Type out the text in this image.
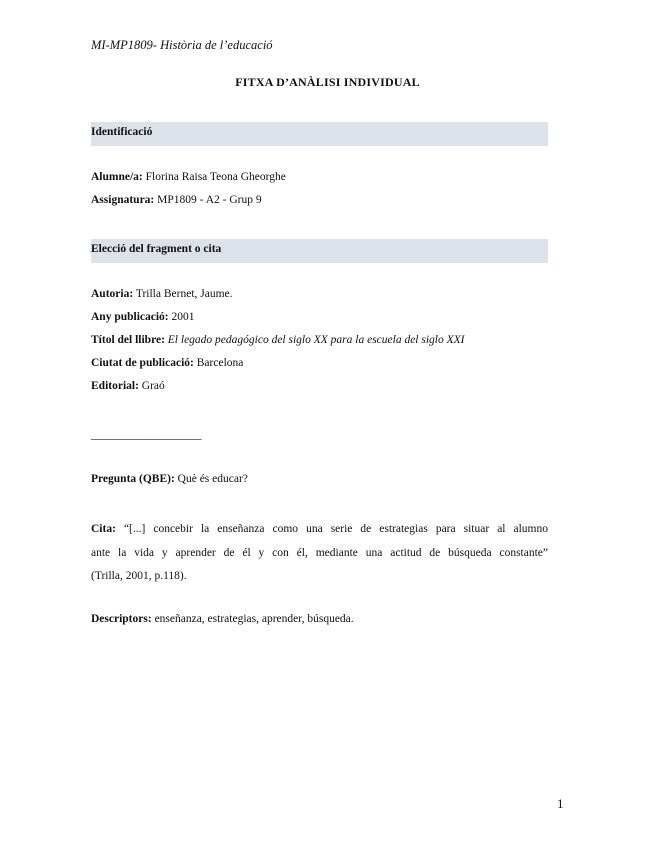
MI-MP1809- Història de l’educació
FITXA D’ANÀLISI INDIVIDUAL
Identificació
Alumne/a: Florina Raisa Teona Gheorghe
Assignatura: MP1809 - A2 - Grup 9
Elecció del fragment o cita
Autoria: Trilla Bernet, Jaume.
Any publicació: 2001
Títol del llibre: El legado pedagógico del siglo XX para la escuela del siglo XXI
Ciutat de publicació: Barcelona
Editorial: Graó
——————————
Pregunta (QBE): Què és educar?
Cita: “[...] concebir la enseñanza como una serie de estrategias para situar al alumno
ante la vida y aprender de él y con él, mediante una actitud de búsqueda constante”
(Trilla, 2001, p.118).
Descriptors: enseñanza, estrategias, aprender, búsqueda.
1
